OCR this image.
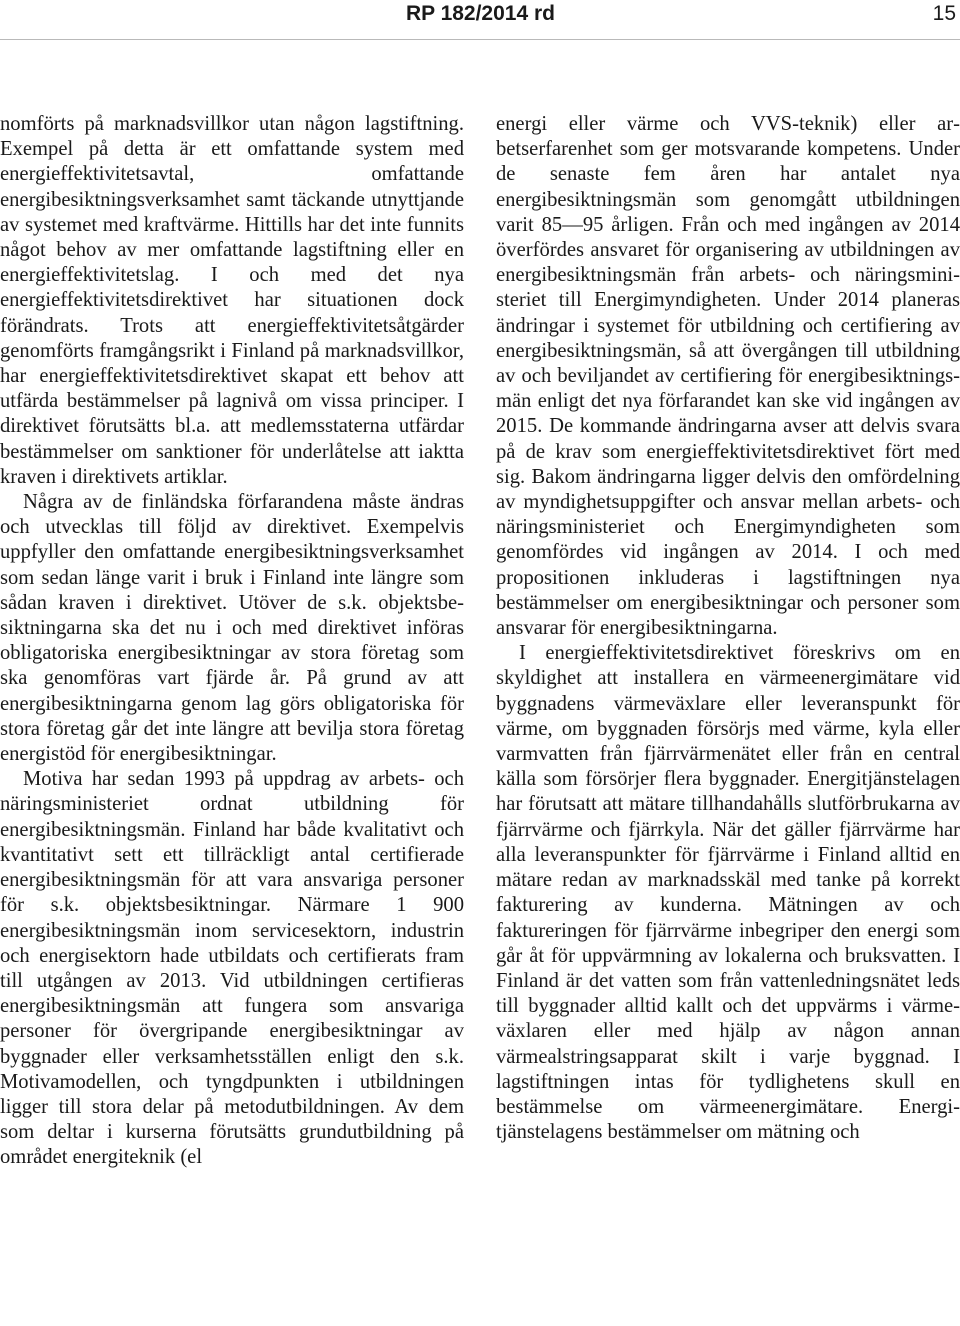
RP 182/2014 rd	15

nomförts på marknadsvillkor utan någon lagstiftning. Exempel på detta är ett omfattande system med energieffektivitetsavtal, omfattande energibesiktningsverksamhet samt täckande utnyttjande av systemet med kraftvärme. Hittills har det inte funnits något behov av mer omfattande lagstiftning eller en energieffektivitetslag. I och med det nya energieffektivitetsdirektivet har situationen dock förändrats. Trots att energieffektivitetsåtgärder genomförts framgångsrikt i Finland på marknadsvillkor, har energieffektivitetsdirektivet skapat ett behov att utfärda bestämmelser på lagnivå om vissa principer. I direktivet förutsätts bl.a. att medlemsstaterna utfärdar bestämmelser om sanktioner för underlåtelse att iaktta kraven i direktivets artiklar.

Några av de finländska förfarandena måste ändras och utvecklas till följd av direktivet. Exempelvis uppfyller den omfattande energibesiktningsverksamhet som sedan länge varit i bruk i Finland inte längre som sådan kraven i direktivet. Utöver de s.k. objektsbesiktningarna ska det nu i och med direktivet införas obligatoriska energibesiktningar av stora företag som ska genomföras vart fjärde år. På grund av att energibesiktningarna genom lag görs obligatoriska för stora företag går det inte längre att bevilja stora företag energistöd för energibesiktningar.

Motiva har sedan 1993 på uppdrag av arbets- och näringsministeriet ordnat utbildning för energibesiktningsmän. Finland har både kvalitativt och kvantitativt sett ett tillräckligt antal certifierade energibesiktningsmän för att vara ansvariga personer för s.k. objektsbesiktningar. Närmare 1 900 energibesiktningsmän inom servicesektorn, industrin och energisektorn hade utbildats och certifierats fram till utgången av 2013. Vid utbildningen certifieras energibesiktningsmän att fungera som ansvariga personer för övergripande energibesiktningar av byggnader eller verksamhetsställen enligt den s.k. Motivamodellen, och tyngdpunkten i utbildningen ligger till stora delar på metodutbildningen. Av dem som deltar i kurserna förutsätts grundutbildning på området energiteknik (el

energi eller värme och VVS-teknik) eller arbetserfarenhet som ger motsvarande kompetens. Under de senaste fem åren har antalet nya energibesiktningsmän som genomgått utbildningen varit 85—95 årligen. Från och med ingången av 2014 överfördes ansvaret för organisering av utbildningen av energibesiktningsmän från arbets- och näringsministeriet till Energimyndigheten. Under 2014 planeras ändringar i systemet för utbildning och certifiering av energibesiktningsmän, så att övergången till utbildning av och beviljandet av certifiering för energibesiktningsmän enligt det nya förfarandet kan ske vid ingången av 2015. De kommande ändringarna avser att delvis svara på de krav som energieffektivitetsdirektivet fört med sig. Bakom ändringarna ligger delvis den omfördelning av myndighetsuppgifter och ansvar mellan arbets- och näringsministeriet och Energimyndigheten som genomfördes vid ingången av 2014. I och med propositionen inkluderas i lagstiftningen nya bestämmelser om energibesiktningar och personer som ansvarar för energibesiktningarna.

I energieffektivitetsdirektivet föreskrivs om en skyldighet att installera en värmeenergimätare vid byggnadens värmeväxlare eller leveranspunkt för värme, om byggnaden försörjs med värme, kyla eller varmvatten från fjärrvärmenätet eller från en central källa som försörjer flera byggnader. Energitjänstelagen har förutsatt att mätare tillhandahålls slutförbrukarna av fjärrvärme och fjärrkyla. När det gäller fjärrvärme har alla leveranspunkter för fjärrvärme i Finland alltid en mätare redan av marknadsskäl med tanke på korrekt fakturering av kunderna. Mätningen av och faktureringen för fjärrvärme inbegriper den energi som går åt för uppvärmning av lokalerna och bruksvatten. I Finland är det vatten som från vattenledningsnätet leds till byggnader alltid kallt och det uppvärms i värmeväxlaren eller med hjälp av någon annan värmealstringsapparat skilt i varje byggnad. I lagstiftningen intas för tydlighetens skull en bestämmelse om värmeenergimätare. Energitjänstelagens bestämmelser om mätning och
